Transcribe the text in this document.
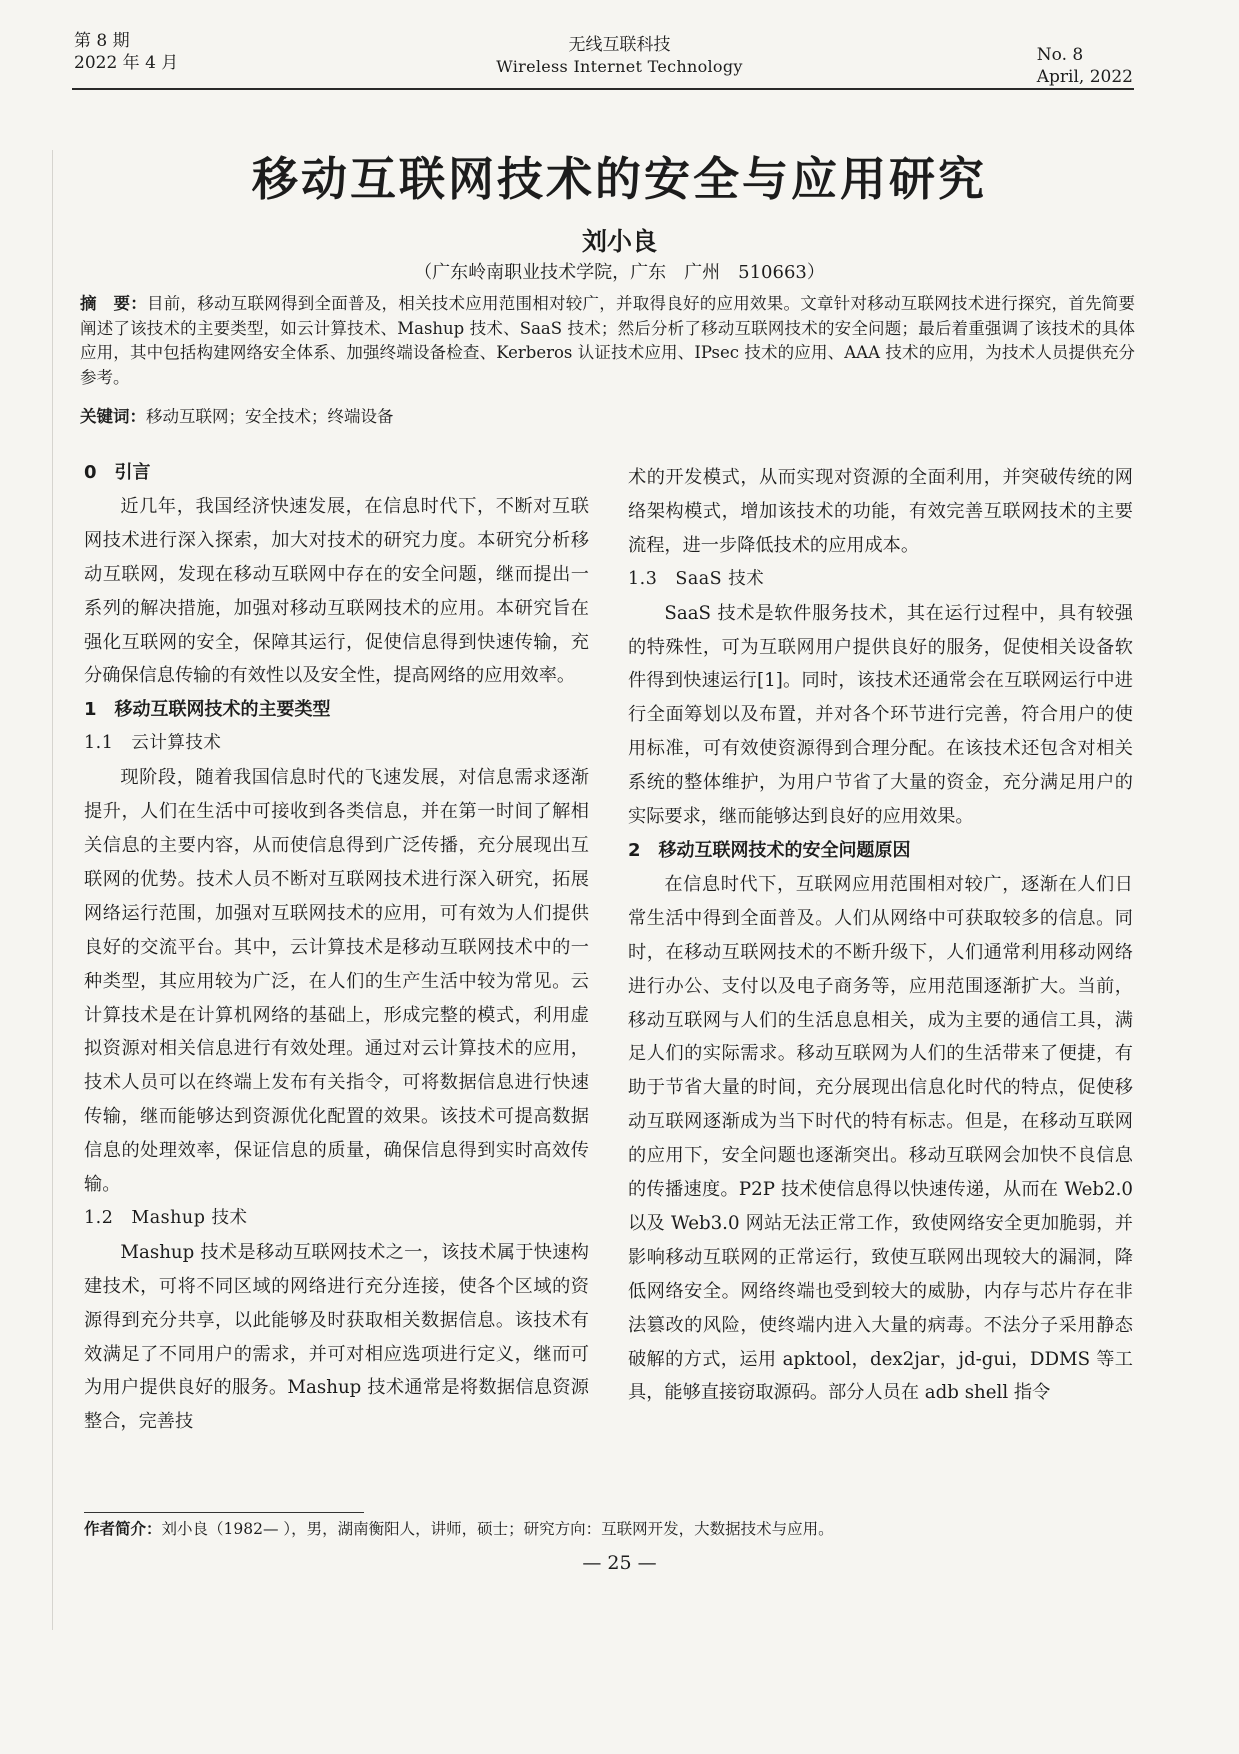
第 8 期
2022 年 4 月
无线互联科技
Wireless Internet Technology
No. 8
April, 2022
移动互联网技术的安全与应用研究
刘小良
（广东岭南职业技术学院，广东　广州　510663）
摘　要：目前，移动互联网得到全面普及，相关技术应用范围相对较广，并取得良好的应用效果。文章针对移动互联网技术进行探究，首先简要阐述了该技术的主要类型，如云计算技术、Mashup 技术、SaaS 技术；然后分析了移动互联网技术的安全问题；最后着重强调了该技术的具体应用，其中包括构建网络安全体系、加强终端设备检查、Kerberos 认证技术应用、IPsec 技术的应用、AAA 技术的应用，为技术人员提供充分参考。
关键词：移动互联网；安全技术；终端设备
0　引言

近几年，我国经济快速发展，在信息时代下，不断对互联网技术进行深入探索，加大对技术的研究力度。本研究分析移动互联网，发现在移动互联网中存在的安全问题，继而提出一系列的解决措施，加强对移动互联网技术的应用。本研究旨在强化互联网的安全，保障其运行，促使信息得到快速传输，充分确保信息传输的有效性以及安全性，提高网络的应用效率。

1　移动互联网技术的主要类型
1.1　云计算技术

现阶段，随着我国信息时代的飞速发展，对信息需求逐渐提升，人们在生活中可接收到各类信息，并在第一时间了解相关信息的主要内容，从而使信息得到广泛传播，充分展现出互联网的优势。技术人员不断对互联网技术进行深入研究，拓展网络运行范围，加强对互联网技术的应用，可有效为人们提供良好的交流平台。其中，云计算技术是移动互联网技术中的一种类型，其应用较为广泛，在人们的生产生活中较为常见。云计算技术是在计算机网络的基础上，形成完整的模式，利用虚拟资源对相关信息进行有效处理。通过对云计算技术的应用，技术人员可以在终端上发布有关指令，可将数据信息进行快速传输，继而能够达到资源优化配置的效果。该技术可提高数据信息的处理效率，保证信息的质量，确保信息得到实时高效传输。

1.2　Mashup 技术

Mashup 技术是移动互联网技术之一，该技术属于快速构建技术，可将不同区域的网络进行充分连接，使各个区域的资源得到充分共享，以此能够及时获取相关数据信息。该技术有效满足了不同用户的需求，并可对相应选项进行定义，继而可为用户提供良好的服务。Mashup 技术通常是将数据信息资源整合，完善技

术的开发模式，从而实现对资源的全面利用，并突破传统的网络架构模式，增加该技术的功能，有效完善互联网技术的主要流程，进一步降低技术的应用成本。

1.3　SaaS 技术

SaaS 技术是软件服务技术，其在运行过程中，具有较强的特殊性，可为互联网用户提供良好的服务，促使相关设备软件得到快速运行[1]。同时，该技术还通常会在互联网运行中进行全面筹划以及布置，并对各个环节进行完善，符合用户的使用标准，可有效使资源得到合理分配。在该技术还包含对相关系统的整体维护，为用户节省了大量的资金，充分满足用户的实际要求，继而能够达到良好的应用效果。

2　移动互联网技术的安全问题原因

在信息时代下，互联网应用范围相对较广，逐渐在人们日常生活中得到全面普及。人们从网络中可获取较多的信息。同时，在移动互联网技术的不断升级下，人们通常利用移动网络进行办公、支付以及电子商务等，应用范围逐渐扩大。当前，移动互联网与人们的生活息息相关，成为主要的通信工具，满足人们的实际需求。移动互联网为人们的生活带来了便捷，有助于节省大量的时间，充分展现出信息化时代的特点，促使移动互联网逐渐成为当下时代的特有标志。但是，在移动互联网的应用下，安全问题也逐渐突出。移动互联网会加快不良信息的传播速度。P2P 技术使信息得以快速传递，从而在 Web2.0 以及 Web3.0 网站无法正常工作，致使网络安全更加脆弱，并影响移动互联网的正常运行，致使互联网出现较大的漏洞，降低网络安全。网络终端也受到较大的威胁，内存与芯片存在非法篡改的风险，使终端内进入大量的病毒。不法分子采用静态破解的方式，运用 apktool，dex2jar，jd-gui，DDMS 等工具，能够直接窃取源码。部分人员在 adb shell 指令

作者简介：刘小良（1982— ），男，湖南衡阳人，讲师，硕士；研究方向：互联网开发，大数据技术与应用。
— 25 —
